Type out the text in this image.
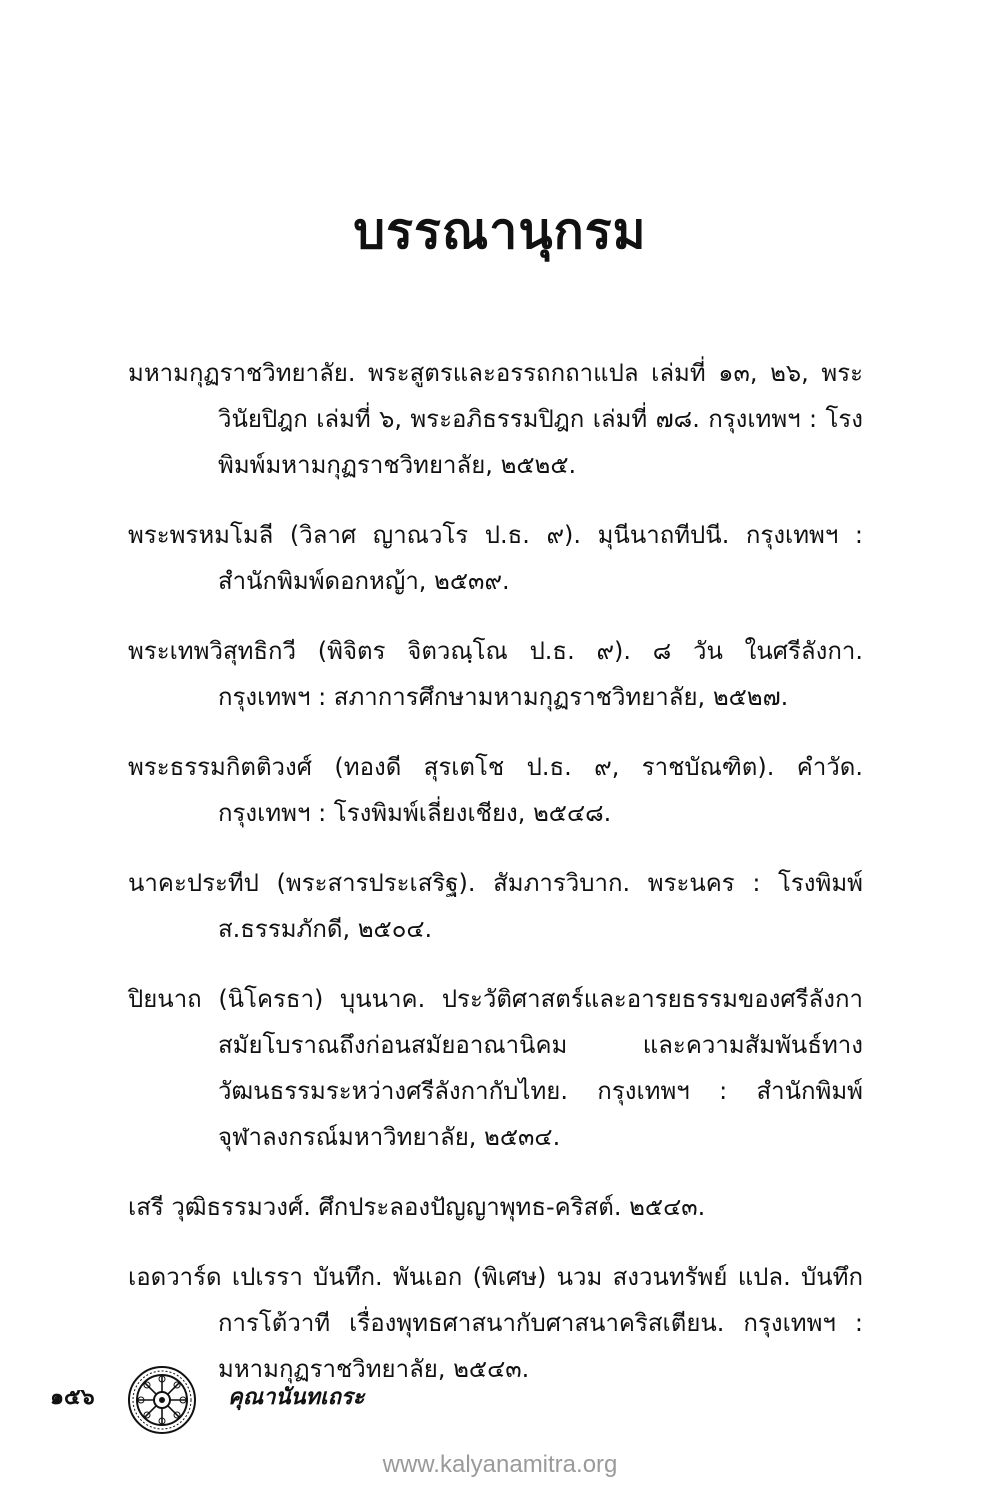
บรรณานุกรม

มหามกุฏราชวิทยาลัย. พระสูตรและอรรถกถาแปล เล่มที่ ๑๓, ๒๖, พระวินัยปิฎก เล่มที่ ๖, พระอภิธรรมปิฎก เล่มที่ ๗๘. กรุงเทพฯ : โรงพิมพ์มหามกุฏราชวิทยาลัย, ๒๕๒๕.

พระพรหมโมลี (วิลาศ ญาณวโร ป.ธ. ๙). มุนีนาถทีปนี. กรุงเทพฯ : สำนักพิมพ์ดอกหญ้า, ๒๕๓๙.

พระเทพวิสุทธิกวี (พิจิตร จิตวณฺโณ ป.ธ. ๙). ๘ วัน ในศรีลังกา. กรุงเทพฯ : สภาการศึกษามหามกุฏราชวิทยาลัย, ๒๕๒๗.

พระธรรมกิตติวงศ์ (ทองดี สุรเตโช ป.ธ. ๙, ราชบัณฑิต). คำวัด. กรุงเทพฯ : โรงพิมพ์เลี่ยงเชียง, ๒๕๔๘.

นาคะประทีป (พระสารประเสริฐ). สัมภารวิบาก. พระนคร : โรงพิมพ์ ส.ธรรมภักดี, ๒๕๐๔.

ปิยนาถ (นิโครธา) บุนนาค. ประวัติศาสตร์และอารยธรรมของศรีลังกา สมัยโบราณถึงก่อนสมัยอาณานิคม และความสัมพันธ์ทาง วัฒนธรรมระหว่างศรีลังกากับไทย. กรุงเทพฯ : สำนักพิมพ์ จุฬาลงกรณ์มหาวิทยาลัย, ๒๕๓๔.

เสรี วุฒิธรรมวงศ์. ศึกประลองปัญญาพุทธ-คริสต์. ๒๕๔๓.

เอดวาร์ด เปเรรา บันทึก. พันเอก (พิเศษ) นวม สงวนทรัพย์ แปล. บันทึกการโต้วาที เรื่องพุทธศาสนากับศาสนาคริสเตียน. กรุงเทพฯ : มหามกุฏราชวิทยาลัย, ๒๕๔๓.

๑๕๖	คุณานันทเถระ
www.kalyanamitra.org
